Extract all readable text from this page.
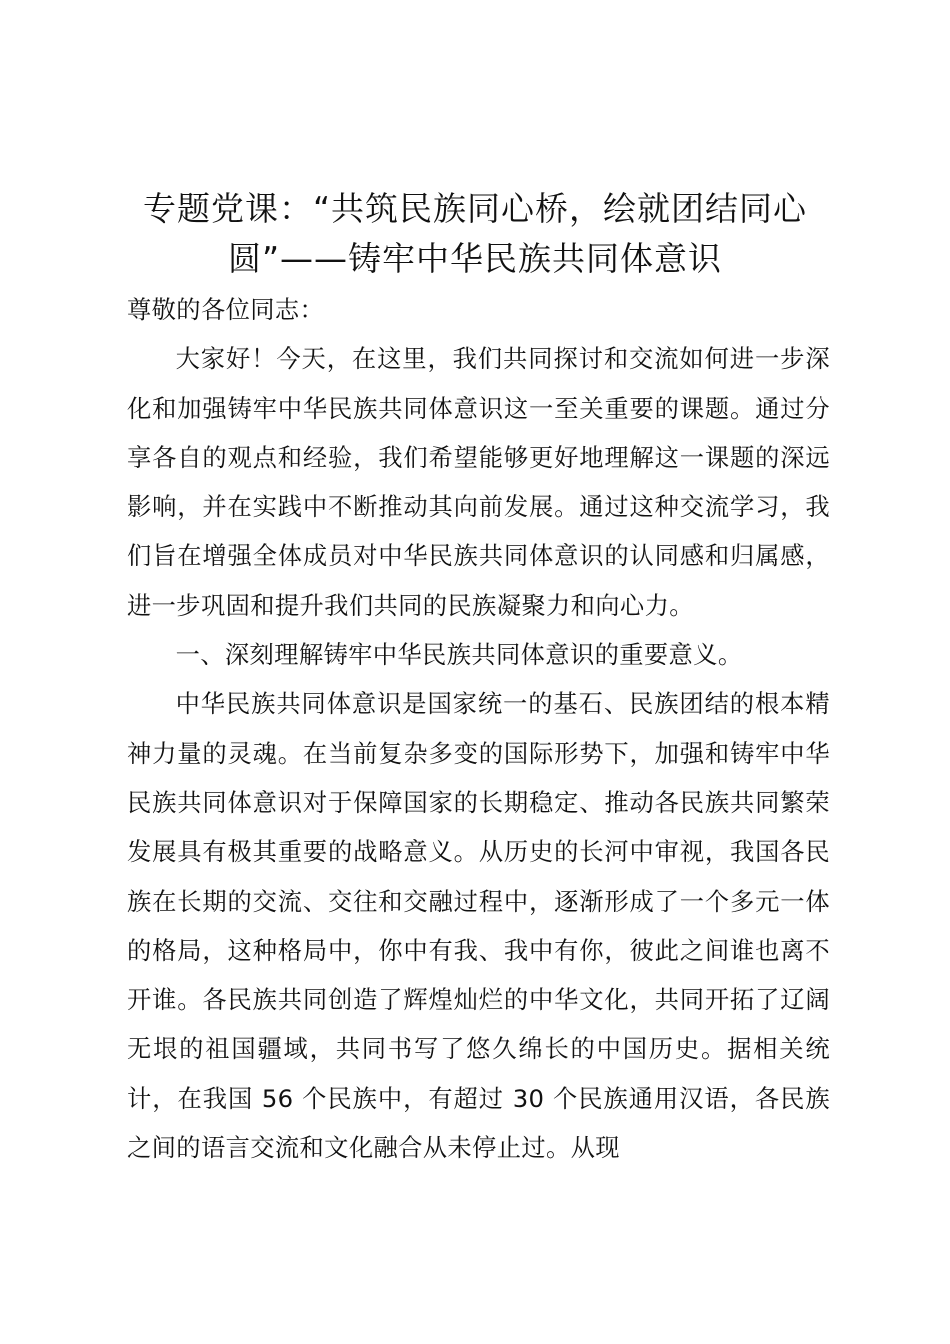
专题党课：“共筑民族同心桥，绘就团结同心
圆”——铸牢中华民族共同体意识

尊敬的各位同志：

大家好！今天，在这里，我们共同探讨和交流如何进一步深化和加强铸牢中华民族共同体意识这一至关重要的课题。通过分享各自的观点和经验，我们希望能够更好地理解这一课题的深远影响，并在实践中不断推动其向前发展。通过这种交流学习，我们旨在增强全体成员对中华民族共同体意识的认同感和归属感，进一步巩固和提升我们共同的民族凝聚力和向心力。

一、深刻理解铸牢中华民族共同体意识的重要意义。

中华民族共同体意识是国家统一的基石、民族团结的根本精神力量的灵魂。在当前复杂多变的国际形势下，加强和铸牢中华民族共同体意识对于保障国家的长期稳定、推动各民族共同繁荣发展具有极其重要的战略意义。从历史的长河中审视，我国各民族在长期的交流、交往和交融过程中，逐渐形成了一个多元一体的格局，这种格局中，你中有我、我中有你，彼此之间谁也离不开谁。各民族共同创造了辉煌灿烂的中华文化，共同开拓了辽阔无垠的祖国疆域，共同书写了悠久绵长的中国历史。据相关统计，在我国 56 个民族中，有超过 30 个民族通用汉语，各民族之间的语言交流和文化融合从未停止过。从现
